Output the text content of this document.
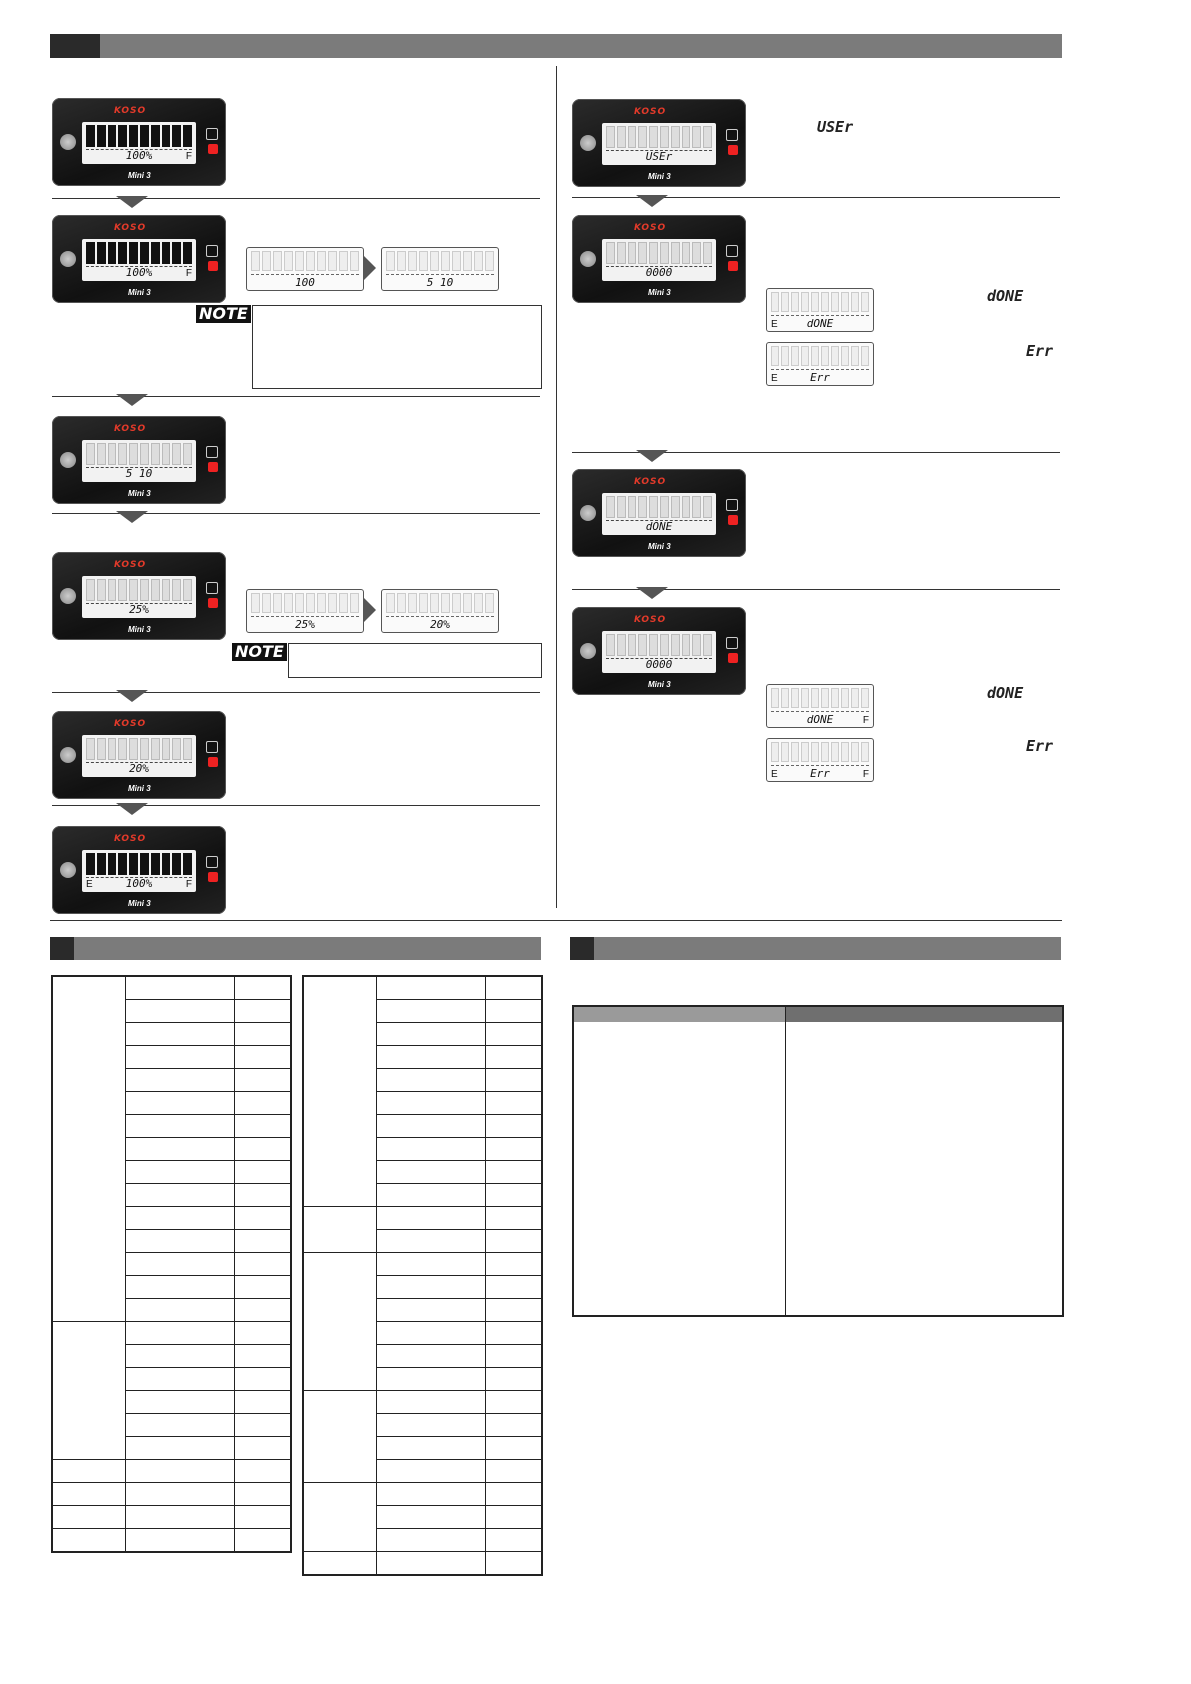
100	5 10
NOTE
25%	20%
NOTE
USEr
E	dONE
dONE
E	Err
Err
dONE	F
dONE
E	Err	F
Err
KOSO
100%	F
Mini 3
KOSO
100%	F
Mini 3
KOSO
5 10
Mini 3
KOSO
25%
Mini 3
KOSO
20%
Mini 3
KOSO
E	100%	F
Mini 3
KOSO
USEr
Mini 3
KOSO
0000
Mini 3
KOSO
dONE
Mini 3
KOSO
0000
Mini 3
